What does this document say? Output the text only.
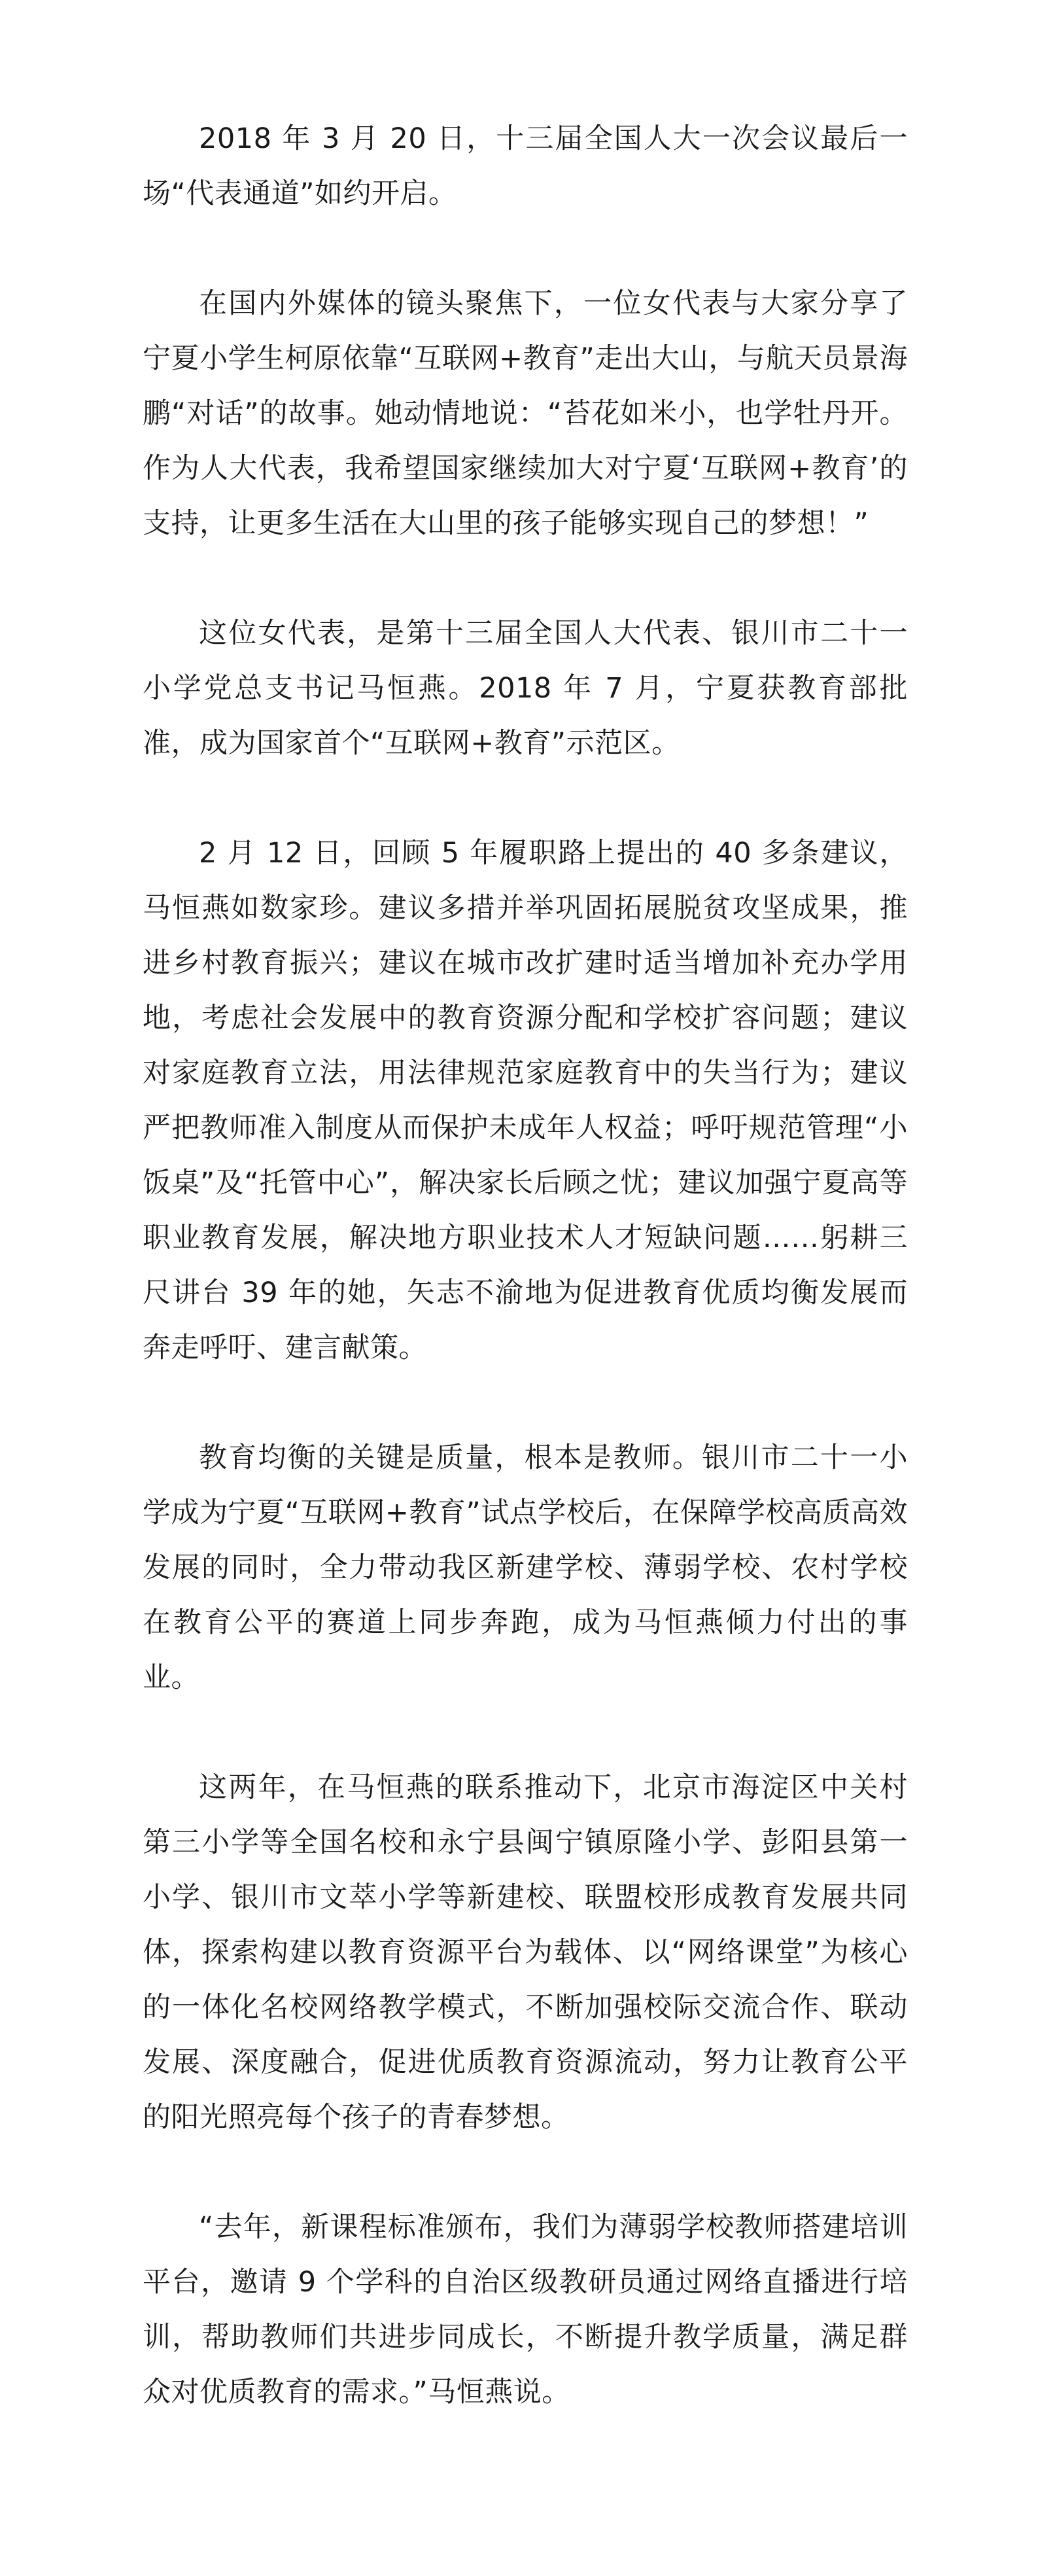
2018 年 3 月 20 日，十三届全国人大一次会议最后一场“代表通道”如约开启。

在国内外媒体的镜头聚焦下，一位女代表与大家分享了宁夏小学生柯原依靠“互联网+教育”走出大山，与航天员景海鹏“对话”的故事。她动情地说：“苔花如米小，也学牡丹开。作为人大代表，我希望国家继续加大对宁夏‘互联网+教育’的支持，让更多生活在大山里的孩子能够实现自己的梦想！”

这位女代表，是第十三届全国人大代表、银川市二十一小学党总支书记马恒燕。2018 年 7 月，宁夏获教育部批准，成为国家首个“互联网+教育”示范区。

2 月 12 日，回顾 5 年履职路上提出的 40 多条建议，马恒燕如数家珍。建议多措并举巩固拓展脱贫攻坚成果，推进乡村教育振兴；建议在城市改扩建时适当增加补充办学用地，考虑社会发展中的教育资源分配和学校扩容问题；建议对家庭教育立法，用法律规范家庭教育中的失当行为；建议严把教师准入制度从而保护未成年人权益；呼吁规范管理“小饭桌”及“托管中心”，解决家长后顾之忧；建议加强宁夏高等职业教育发展，解决地方职业技术人才短缺问题……躬耕三尺讲台 39 年的她，矢志不渝地为促进教育优质均衡发展而奔走呼吁、建言献策。

教育均衡的关键是质量，根本是教师。银川市二十一小学成为宁夏“互联网+教育”试点学校后，在保障学校高质高效发展的同时，全力带动我区新建学校、薄弱学校、农村学校在教育公平的赛道上同步奔跑，成为马恒燕倾力付出的事业。

这两年，在马恒燕的联系推动下，北京市海淀区中关村第三小学等全国名校和永宁县闽宁镇原隆小学、彭阳县第一小学、银川市文萃小学等新建校、联盟校形成教育发展共同体，探索构建以教育资源平台为载体、以“网络课堂”为核心的一体化名校网络教学模式，不断加强校际交流合作、联动发展、深度融合，促进优质教育资源流动，努力让教育公平的阳光照亮每个孩子的青春梦想。

“去年，新课程标准颁布，我们为薄弱学校教师搭建培训平台，邀请 9 个学科的自治区级教研员通过网络直播进行培训，帮助教师们共进步同成长，不断提升教学质量，满足群众对优质教育的需求。”马恒燕说。
